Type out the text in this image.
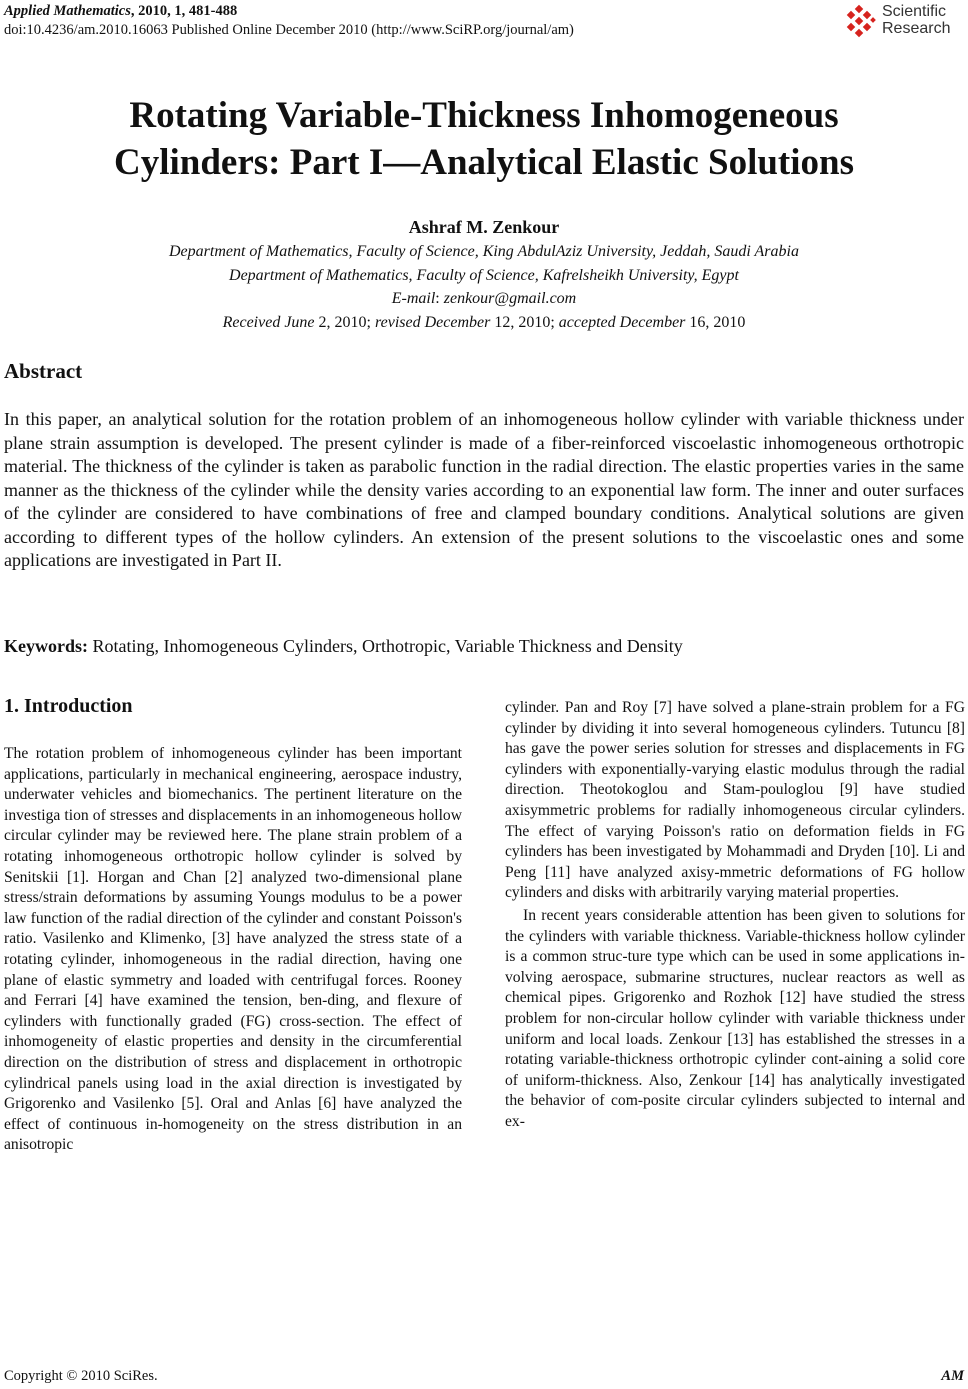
Applied Mathematics, 2010, 1, 481-488
doi:10.4236/am.2010.16063 Published Online December 2010 (http://www.SciRP.org/journal/am)
Scientific
Research
Rotating Variable-Thickness Inhomogeneous
Cylinders: Part I—Analytical Elastic Solutions
Ashraf M. Zenkour
Department of Mathematics, Faculty of Science, King AbdulAziz University, Jeddah, Saudi Arabia
Department of Mathematics, Faculty of Science, Kafrelsheikh University, Egypt
E-mail: zenkour@gmail.com
Received June 2, 2010; revised December 12, 2010; accepted December 16, 2010
Abstract
In this paper, an analytical solution for the rotation problem of an inhomogeneous hollow cylinder with variable thickness under plane strain assumption is developed. The present cylinder is made of a fiber-reinforced viscoelastic inhomogeneous orthotropic material. The thickness of the cylinder is taken as parabolic function in the radial direction. The elastic properties varies in the same manner as the thickness of the cylinder while the density varies according to an exponential law form. The inner and outer surfaces of the cylinder are considered to have combinations of free and clamped boundary conditions. Analytical solutions are given according to different types of the hollow cylinders. An extension of the present solutions to the viscoelastic ones and some applications are investigated in Part II.
Keywords: Rotating, Inhomogeneous Cylinders, Orthotropic, Variable Thickness and Density
1. Introduction

The rotation problem of inhomogeneous cylinder has been important applications, particularly in mechanical engineering, aerospace industry, underwater vehicles and biomechanics. The pertinent literature on the investiga tion of stresses and displacements in an inhomogeneous hollow circular cylinder may be reviewed here. The plane strain problem of a rotating inhomogeneous orthotropic hollow cylinder is solved by Senitskii [1]. Horgan and Chan [2] analyzed two-dimensional plane stress/strain deformations by assuming Youngs modulus to be a power law function of the radial direction of the cylinder and constant Poisson's ratio. Vasilenko and Klimenko, [3] have analyzed the stress state of a rotating cylinder, inhomogeneous in the radial direction, having one plane of elastic symmetry and loaded with centrifugal forces. Rooney and Ferrari [4] have examined the tension, ben-ding, and flexure of cylinders with functionally graded (FG) cross-section. The effect of inhomogeneity of elastic properties and density in the circumferential direction on the distribution of stress and displacement in orthotropic cylindrical panels using load in the axial direction is investigated by Grigorenko and Vasilenko [5]. Oral and Anlas [6] have analyzed the effect of continuous in-homogeneity on the stress distribution in an anisotropic

cylinder. Pan and Roy [7] have solved a plane-strain problem for a FG cylinder by dividing it into several homogeneous cylinders. Tutuncu [8] has gave the power series solution for stresses and displacements in FG cylinders with exponentially-varying elastic modulus through the radial direction. Theotokoglou and Stam-pouloglou [9] have studied axisymmetric problems for radially inhomogeneous circular cylinders. The effect of varying Poisson's ratio on deformation fields in FG cylinders has been investigated by Mohammadi and Dryden [10]. Li and Peng [11] have analyzed axisy-mmetric deformations of FG hollow cylinders and disks with arbitrarily varying material properties.

In recent years considerable attention has been given to solutions for the cylinders with variable thickness. Variable-thickness hollow cylinder is a common struc-ture type which can be used in some applications in-volving aerospace, submarine structures, nuclear reactors as well as chemical pipes. Grigorenko and Rozhok [12] have studied the stress problem for non-circular hollow cylinder with variable thickness under uniform and local loads. Zenkour [13] has established the stresses in a rotating variable-thickness orthotropic cylinder cont-aining a solid core of uniform-thickness. Also, Zenkour [14] has analytically investigated the behavior of com-posite circular cylinders subjected to internal and ex-

Copyright © 2010 SciRes.	AM
